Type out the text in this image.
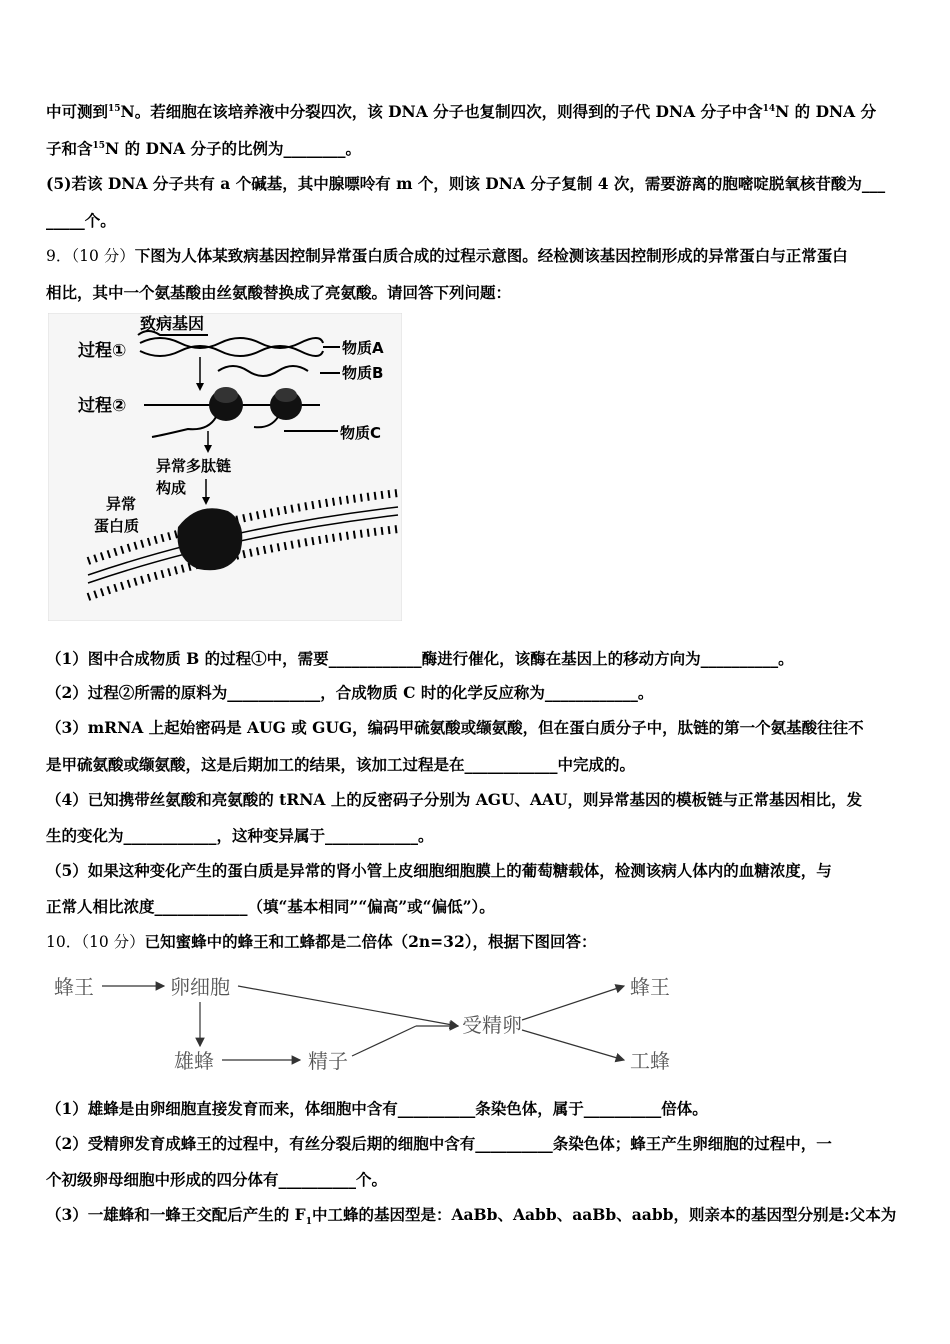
中可测到$^{15}$N。若细胞在该培养液中分裂四次，该 DNA 分子也复制四次，则得到的子代 DNA 分子中含$^{14}$N 的 DNA 分
子和含$^{15}$N 的 DNA 分子的比例为________。
(5)若该 DNA 分子共有 a 个碱基，其中腺嘌呤有 m 个，则该 DNA 分子复制 4 次，需要游离的胞嘧啶脱氧核苷酸为___
_____个。
9．（10 分）下图为人体某致病基因控制异常蛋白质合成的过程示意图。经检测该基因控制形成的异常蛋白与正常蛋白
相比，其中一个氨基酸由丝氨酸替换成了亮氨酸。请回答下列问题：
致病基因
过程①	物质A
物质B
过程②
物质C
异常多肽链
构成
异常
蛋白质
（1）图中合成物质 B 的过程①中，需要____________酶进行催化，该酶在基因上的移动方向为__________。
（2）过程②所需的原料为____________，合成物质 C 时的化学反应称为____________。
（3）mRNA 上起始密码是 AUG 或 GUG，编码甲硫氨酸或缬氨酸，但在蛋白质分子中，肽链的第一个氨基酸往往不
是甲硫氨酸或缬氨酸，这是后期加工的结果，该加工过程是在____________中完成的。
（4）已知携带丝氨酸和亮氨酸的 tRNA 上的反密码子分别为 AGU、AAU，则异常基因的模板链与正常基因相比，发
生的变化为____________，这种变异属于____________。
（5）如果这种变化产生的蛋白质是异常的肾小管上皮细胞细胞膜上的葡萄糖载体，检测该病人体内的血糖浓度，与
正常人相比浓度____________（填“基本相同”“偏高”或“偏低”）。
10．（10 分）已知蜜蜂中的蜂王和工蜂都是二倍体（2n=32），根据下图回答：
蜂王	卵细胞
雄蜂	精子
受精卵
蜂王
工蜂
（1）雄蜂是由卵细胞直接发育而来，体细胞中含有__________条染色体，属于__________倍体。
（2）受精卵发育成蜂王的过程中，有丝分裂后期的细胞中含有__________条染色体；蜂王产生卵细胞的过程中，一
个初级卵母细胞中形成的四分体有__________个。
（3）一雄蜂和一蜂王交配后产生的 $F_1$中工蜂的基因型是：AaBb、Aabb、aaBb、aabb，则亲本的基因型分别是:父本为
